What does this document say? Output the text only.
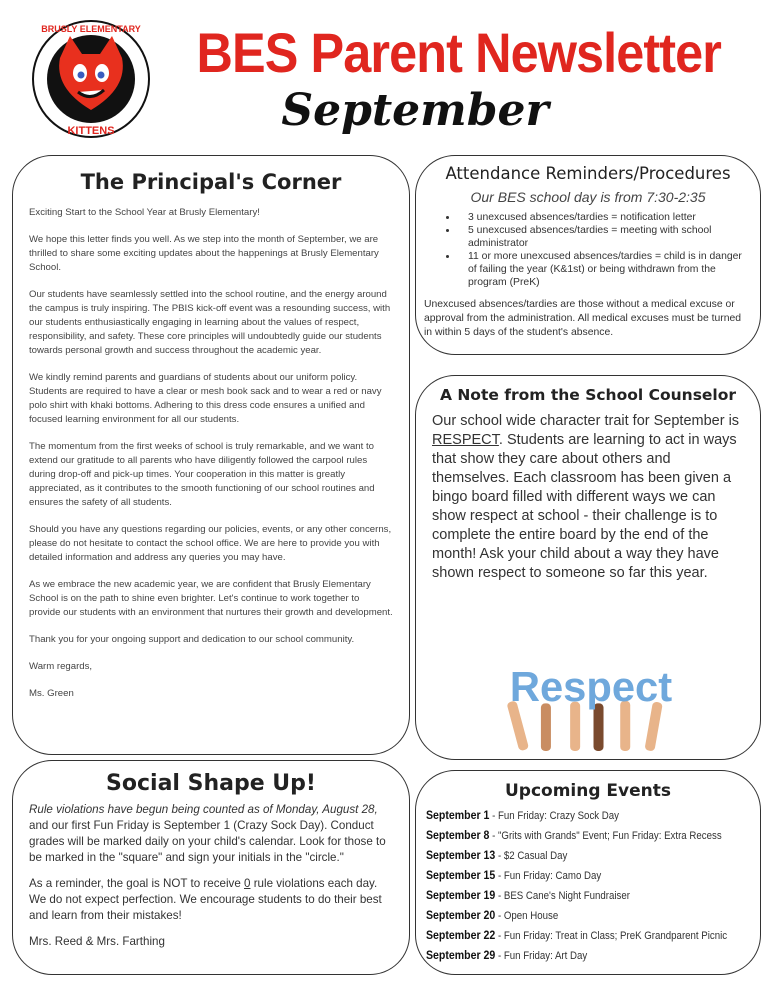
BRUSLY ELEMENTARY
KITTENS
BES Parent Newsletter
September
The Principal's Corner

Exciting Start to the School Year at Brusly Elementary!

We hope this letter finds you well. As we step into the month of September, we are thrilled to share some exciting updates about the happenings at Brusly Elementary School.

Our students have seamlessly settled into the school routine, and the energy around the campus is truly inspiring. The PBIS kick-off event was a resounding success, with our students enthusiastically engaging in learning about the values of respect, responsibility, and safety. These core principles will undoubtedly guide our students towards personal growth and success throughout the academic year.

We kindly remind parents and guardians of students about our uniform policy. Students are required to have a clear or mesh book sack and to wear a red or navy polo shirt with khaki bottoms. Adhering to this dress code ensures a unified and focused learning environment for all our students.

The momentum from the first weeks of school is truly remarkable, and we want to extend our gratitude to all parents who have diligently followed the carpool rules during drop-off and pick-up times. Your cooperation in this matter is greatly appreciated, as it contributes to the smooth functioning of our school routines and ensures the safety of all students.

Should you have any questions regarding our policies, events, or any other concerns, please do not hesitate to contact the school office. We are here to provide you with detailed information and address any queries you may have.

As we embrace the new academic year, we are confident that Brusly Elementary School is on the path to shine even brighter. Let's continue to work together to provide our students with an environment that nurtures their growth and development.

Thank you for your ongoing support and dedication to our school community.

Warm regards,

Ms. Green

Attendance Reminders/Procedures
Our BES school day is from 7:30-2:35
• 3 unexcused absences/tardies = notification letter
• 5 unexcused absences/tardies = meeting with school administrator
• 11 or more unexcused absences/tardies = child is in danger of failing the year (K&1st) or being withdrawn from the program (PreK)
Unexcused absences/tardies are those without a medical excuse or approval from the administration. All medical excuses must be turned in within 5 days of the student's absence.
A Note from the School Counselor

Our school wide character trait for September is RESPECT. Students are learning to act in ways that show they care about others and themselves. Each classroom has been given a bingo board filled with different ways we can show respect at school - their challenge is to complete the entire board by the end of the month! Ask your child about a way they have shown respect to someone so far this year.

Respect
Social Shape Up!

Rule violations have begun being counted as of Monday, August 28, and our first Fun Friday is September 1 (Crazy Sock Day). Conduct grades will be marked daily on your child's calendar. Look for those to be marked in the "square" and sign your initials in the "circle."

As a reminder, the goal is NOT to receive 0 rule violations each day. We do not expect perfection. We encourage students to do their best and learn from their mistakes!

Mrs. Reed & Mrs. Farthing

Upcoming Events
September 1 - Fun Friday: Crazy Sock Day
September 8 - "Grits with Grands" Event; Fun Friday: Extra Recess
September 13 - $2 Casual Day
September 15 - Fun Friday: Camo Day
September 19 - BES Cane's Night Fundraiser
September 20 - Open House
September 22 - Fun Friday: Treat in Class; PreK Grandparent Picnic
September 29 - Fun Friday: Art Day
